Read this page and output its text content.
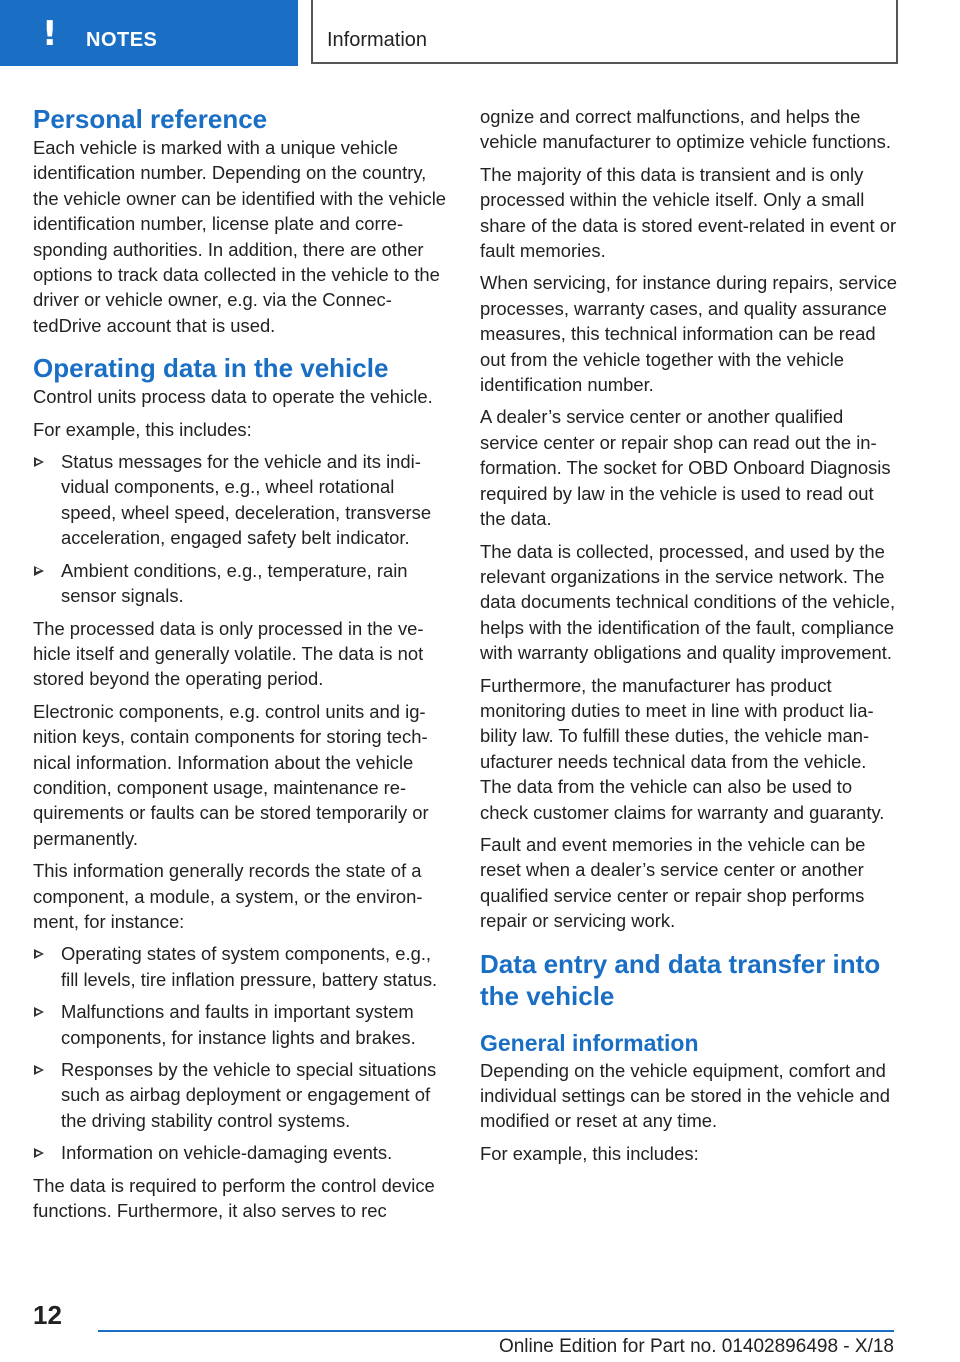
! NOTES	Information
Personal reference

Each vehicle is marked with a unique vehicle identification number. Depending on the country, the vehicle owner can be identified with the vehicle identification number, license plate and corresponding authorities. In addition, there are other options to track data collected in the vehicle to the driver or vehicle owner, e.g. via the ConnectedDrive account that is used.

Operating data in the vehicle

Control units process data to operate the vehicle.

For example, this includes:

Status messages for the vehicle and its individual components, e.g., wheel rotational speed, wheel speed, deceleration, transverse acceleration, engaged safety belt indicator.
Ambient conditions, e.g., temperature, rain sensor signals.

The processed data is only processed in the vehicle itself and generally volatile. The data is not stored beyond the operating period.

Electronic components, e.g. control units and ignition keys, contain components for storing technical information. Information about the vehicle condition, component usage, maintenance requirements or faults can be stored temporarily or permanently.

This information generally records the state of a component, a module, a system, or the environment, for instance:

Operating states of system components, e.g., fill levels, tire inflation pressure, battery status.
Malfunctions and faults in important system components, for instance lights and brakes.
Responses by the vehicle to special situations such as airbag deployment or engagement of the driving stability control systems.
Information on vehicle-damaging events.

The data is required to perform the control device functions. Furthermore, it also serves to rec

ognize and correct malfunctions, and helps the vehicle manufacturer to optimize vehicle functions.

The majority of this data is transient and is only processed within the vehicle itself. Only a small share of the data is stored event-related in event or fault memories.

When servicing, for instance during repairs, service processes, warranty cases, and quality assurance measures, this technical information can be read out from the vehicle together with the vehicle identification number.

A dealer’s service center or another qualified service center or repair shop can read out the information. The socket for OBD Onboard Diagnosis required by law in the vehicle is used to read out the data.

The data is collected, processed, and used by the relevant organizations in the service network. The data documents technical conditions of the vehicle, helps with the identification of the fault, compliance with warranty obligations and quality improvement.

Furthermore, the manufacturer has product monitoring duties to meet in line with product liability law. To fulfill these duties, the vehicle manufacturer needs technical data from the vehicle. The data from the vehicle can also be used to check customer claims for warranty and guaranty.

Fault and event memories in the vehicle can be reset when a dealer’s service center or another qualified service center or repair shop performs repair or servicing work.

Data entry and data transfer into the vehicle
General information

Depending on the vehicle equipment, comfort and individual settings can be stored in the vehicle and modified or reset at any time.

For example, this includes:

12
Online Edition for Part no. 01402896498 - X/18
